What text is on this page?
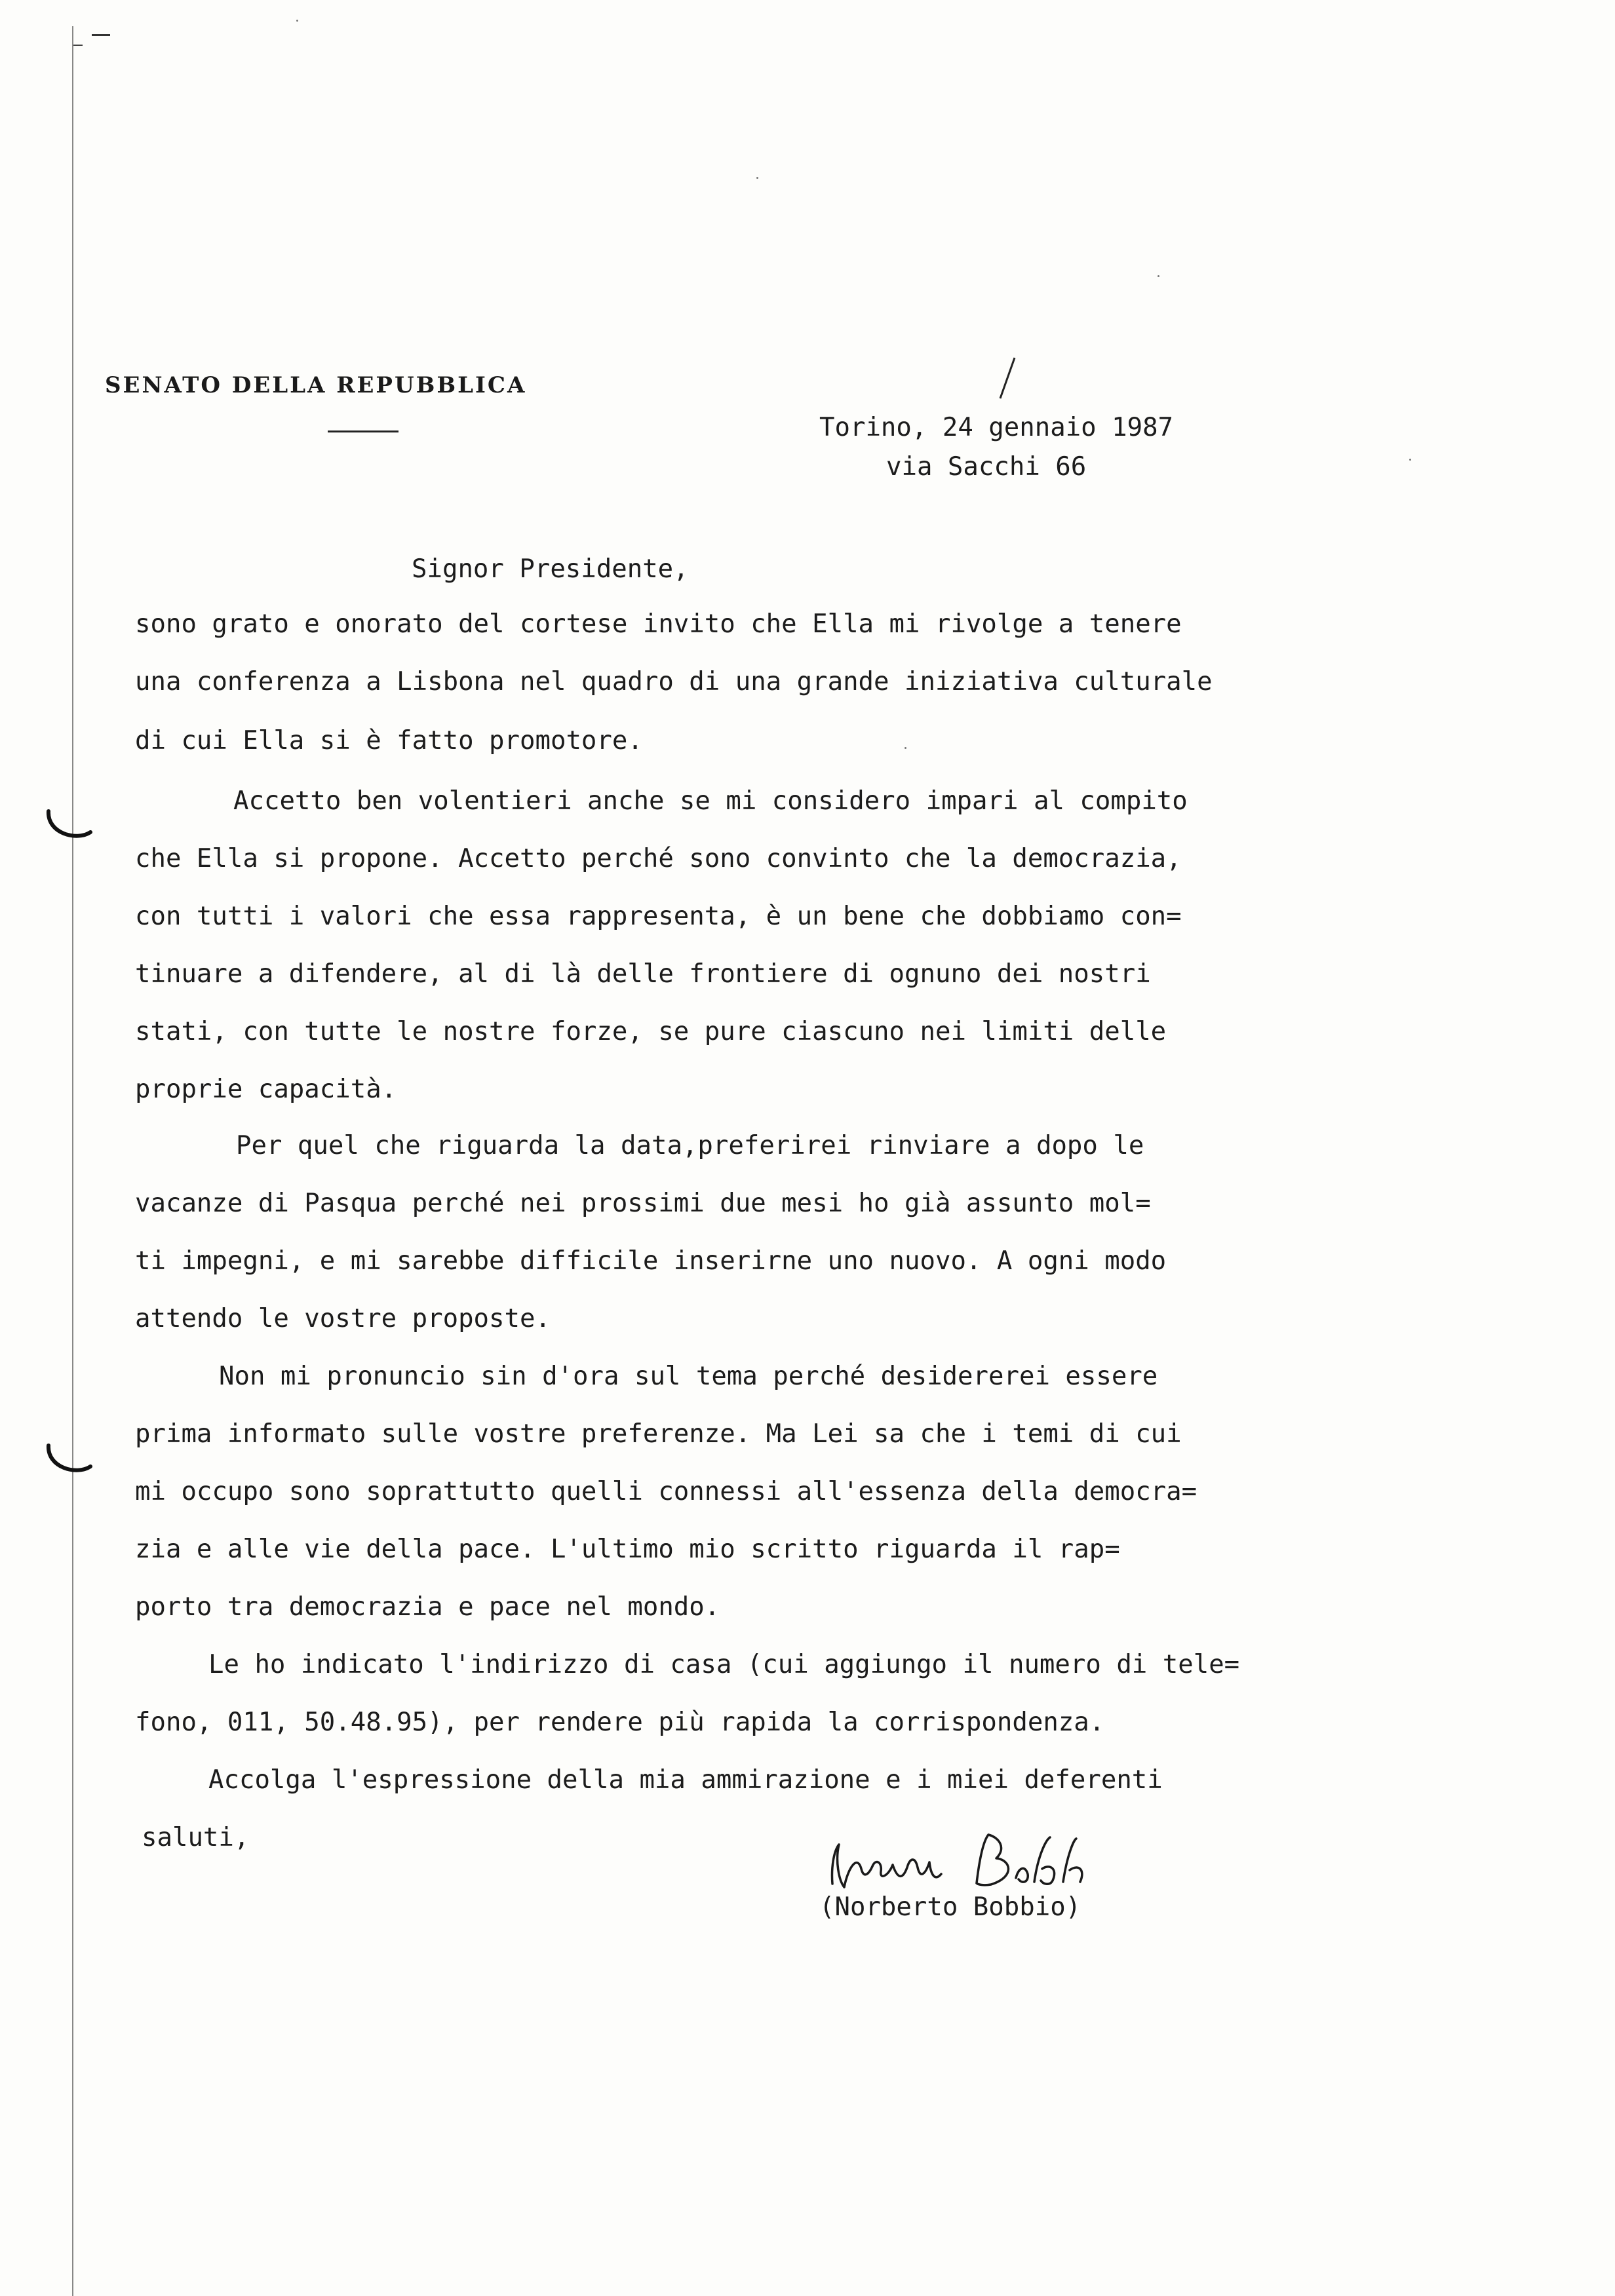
SENATO DELLA REPUBBLICA
Torino, 24 gennaio 1987
via Sacchi 66
Signor Presidente,
sono grato e onorato del cortese invito che Ella mi rivolge a tenere
una conferenza a Lisbona nel quadro di una grande iniziativa culturale
di cui Ella si è fatto promotore.
Accetto ben volentieri anche se mi considero impari al compito
che Ella si propone. Accetto perché sono convinto che la democrazia,
con tutti i valori che essa rappresenta, è un bene che dobbiamo con=
tinuare a difendere, al di là delle frontiere di ognuno dei nostri
stati, con tutte le nostre forze, se pure ciascuno nei limiti delle
proprie capacità.
Per quel che riguarda la data,preferirei rinviare a dopo le
vacanze di Pasqua perché nei prossimi due mesi ho già assunto mol=
ti impegni, e mi sarebbe difficile inserirne uno nuovo. A ogni modo
attendo le vostre proposte.
Non mi pronuncio sin d'ora sul tema perché desidererei essere
prima informato sulle vostre preferenze. Ma Lei sa che i temi di cui
mi occupo sono soprattutto quelli connessi all'essenza della democra=
zia e alle vie della pace. L'ultimo mio scritto riguarda il rap=
porto tra democrazia e pace nel mondo.
Le ho indicato l'indirizzo di casa (cui aggiungo il numero di tele=
fono, 011, 50.48.95), per rendere più rapida la corrispondenza.
Accolga l'espressione della mia ammirazione e i miei deferenti
saluti,
(Norberto Bobbio)
